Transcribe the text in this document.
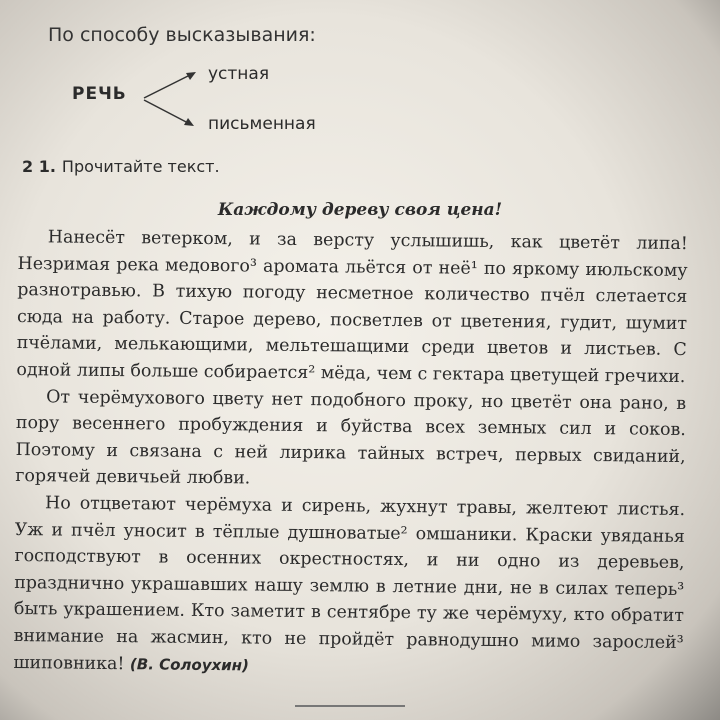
По способу высказывания:
РЕЧЬ
устная
письменная
2 1. Прочитайте текст.
Каждому дереву своя цена!

Нанесёт ветерком, и за версту услышишь, как цветёт липа! Незримая река медового³ аромата льётся от неё¹ по яркому июльскому разнотравью. В тихую погоду несметное количество пчёл слетается сюда на работу. Старое дерево, посветлев от цветения, гудит, шумит пчёлами, мелькающими, мельтешащими среди цветов и листьев. С одной липы больше собирается² мёда, чем с гектара цветущей гречихи.

От черёмухового цвету нет подобного проку, но цветёт она рано, в пору весеннего пробуждения и буйства всех земных сил и соков. Поэтому и связана с ней лирика тайных встреч, первых свиданий, горячей девичьей любви.

Но отцветают черёмуха и сирень, жухнут травы, желтеют листья. Уж и пчёл уносит в тёплые душноватые² омшаники. Краски увяданья господствуют в осенних окрестностях, и ни одно из деревьев, празднично украшавших нашу землю в летние дни, не в силах теперь³ быть украшением. Кто заметит в сентябре ту же черёмуху, кто обратит внимание на жасмин, кто не пройдёт равнодушно мимо зарослей³ шиповника! (В. Солоухин)
